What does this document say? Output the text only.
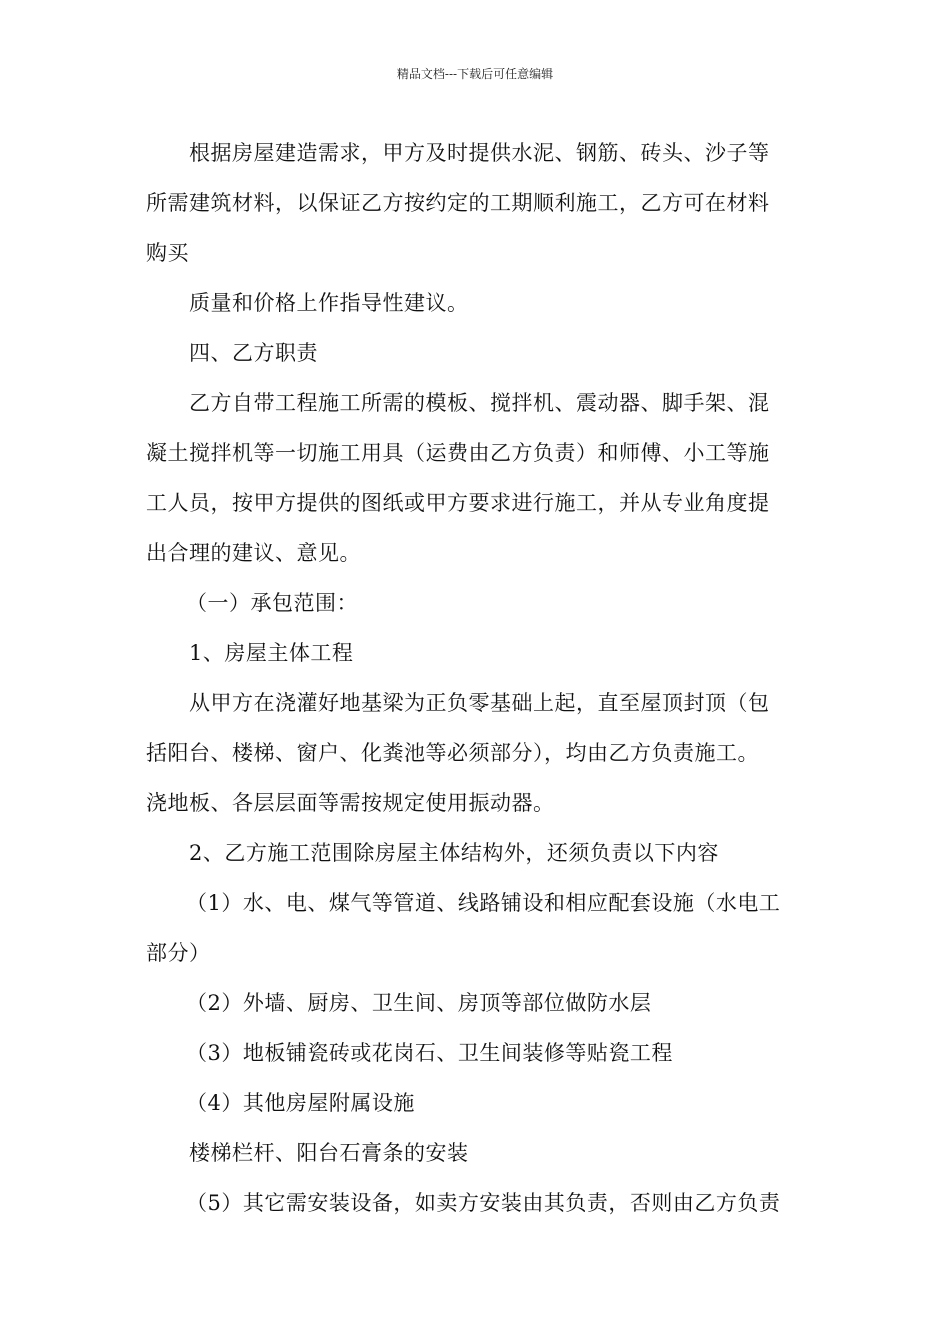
精品文档---下载后可任意编辑

根据房屋建造需求，甲方及时提供水泥、钢筋、砖头、沙子等

所需建筑材料，以保证乙方按约定的工期顺利施工，乙方可在材料

购买

质量和价格上作指导性建议。

四、乙方职责

乙方自带工程施工所需的模板、搅拌机、震动器、脚手架、混

凝土搅拌机等一切施工用具（运费由乙方负责）和师傅、小工等施

工人员，按甲方提供的图纸或甲方要求进行施工，并从专业角度提

出合理的建议、意见。

（一）承包范围：

1、房屋主体工程

从甲方在浇灌好地基梁为正负零基础上起，直至屋顶封顶（包

括阳台、楼梯、窗户、化粪池等必须部分），均由乙方负责施工。

浇地板、各层层面等需按规定使用振动器。

2、乙方施工范围除房屋主体结构外，还须负责以下内容

（1）水、电、煤气等管道、线路铺设和相应配套设施（水电工

部分）

（2）外墙、厨房、卫生间、房顶等部位做防水层

（3）地板铺瓷砖或花岗石、卫生间装修等贴瓷工程

（4）其他房屋附属设施

楼梯栏杆、阳台石膏条的安装

（5）其它需安装设备，如卖方安装由其负责，否则由乙方负责
